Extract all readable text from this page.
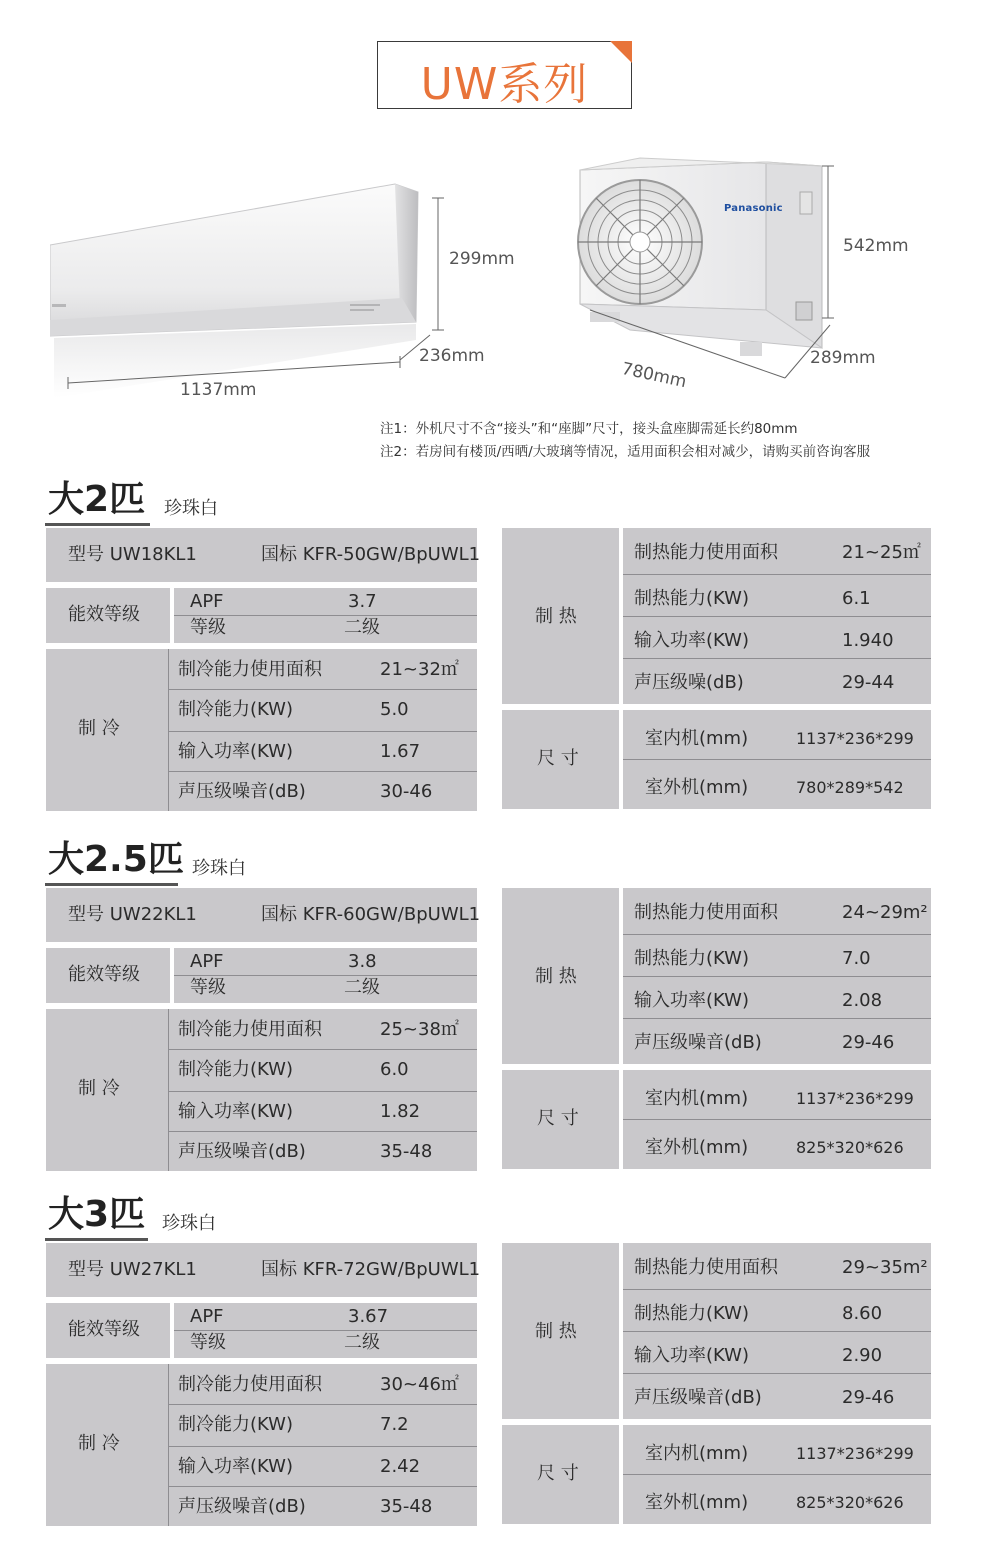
UW系列
299mm
236mm
1137mm
Panasonic
542mm
780mm
289mm
注1：外机尺寸不含“接头”和“座脚”尺寸，接头盒座脚需延长约80mm
注2：若房间有楼顶/西晒/大玻璃等情况，适用面积会相对减少，请购买前咨询客服
大2匹 珍珠白
型号 UW18KL1	国标 KFR-50GW/BpUWL1
能效等级
APF	3.7
等级	二级
制 冷
制冷能力使用面积	21~32㎡
制冷能力(KW)	5.0
输入功率(KW)	1.67
声压级噪音(dB)	30-46
制 热
制热能力使用面积	21~25㎡
制热能力(KW)	6.1
输入功率(KW)	1.940
声压级噪(dB)	29-44
尺 寸
室内机(mm)	1137*236*299
室外机(mm)	780*289*542
大2.5匹 珍珠白
型号 UW22KL1	国标 KFR-60GW/BpUWL1
能效等级
APF	3.8
等级	二级
制 冷
制冷能力使用面积	25~38㎡
制冷能力(KW)	6.0
输入功率(KW)	1.82
声压级噪音(dB)	35-48
制 热
制热能力使用面积	24~29m²
制热能力(KW)	7.0
输入功率(KW)	2.08
声压级噪音(dB)	29-46
尺 寸
室内机(mm)	1137*236*299
室外机(mm)	825*320*626
大3匹 珍珠白
型号 UW27KL1	国标 KFR-72GW/BpUWL1
能效等级
APF	3.67
等级	二级
制 冷
制冷能力使用面积	30~46㎡
制冷能力(KW)	7.2
输入功率(KW)	2.42
声压级噪音(dB)	35-48
制 热
制热能力使用面积	29~35m²
制热能力(KW)	8.60
输入功率(KW)	2.90
声压级噪音(dB)	29-46
尺 寸
室内机(mm)	1137*236*299
室外机(mm)	825*320*626
